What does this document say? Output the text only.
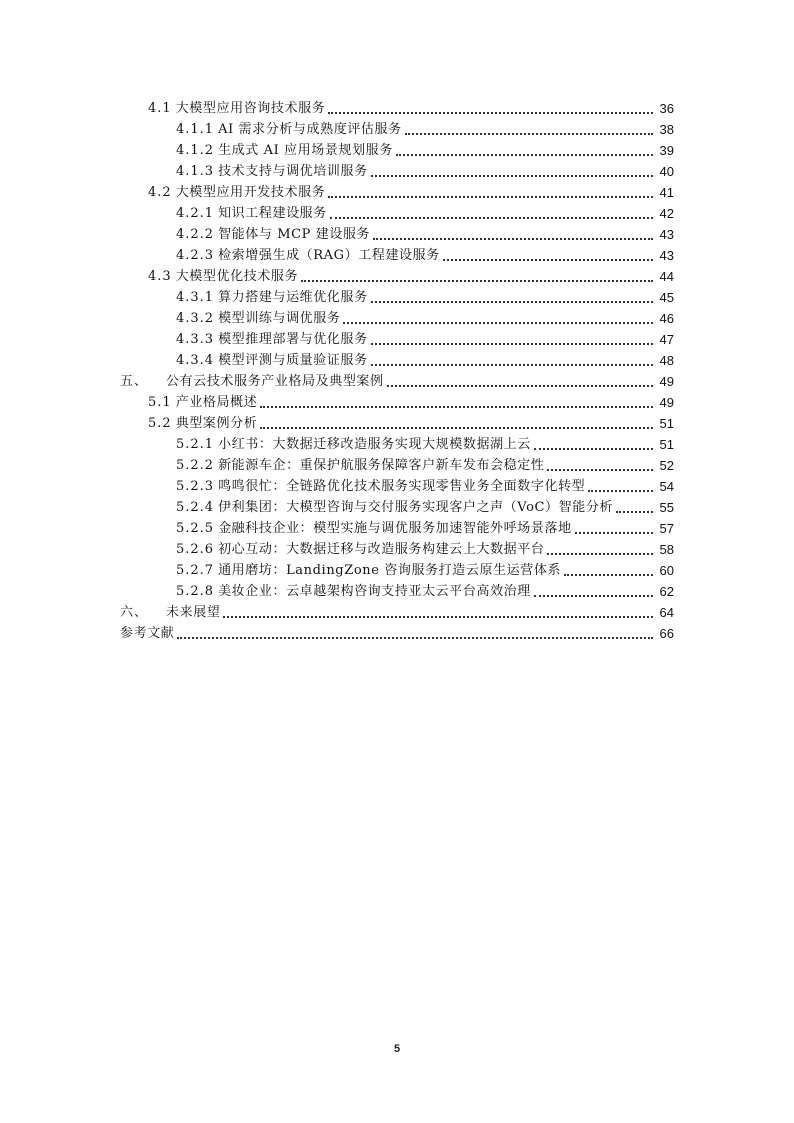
4.1 大模型应用咨询技术服务	36
4.1.1 AI 需求分析与成熟度评估服务	38
4.1.2 生成式 AI 应用场景规划服务	39
4.1.3 技术支持与调优培训服务	40
4.2 大模型应用开发技术服务	41
4.2.1 知识工程建设服务	42
4.2.2 智能体与 MCP 建设服务	43
4.2.3 检索增强生成（RAG）工程建设服务	43
4.3 大模型优化技术服务	44
4.3.1 算力搭建与运维优化服务	45
4.3.2 模型训练与调优服务	46
4.3.3 模型推理部署与优化服务	47
4.3.4 模型评测与质量验证服务	48
五、 公有云技术服务产业格局及典型案例	49
5.1 产业格局概述	49
5.2 典型案例分析	51
5.2.1 小红书：大数据迁移改造服务实现大规模数据湖上云	51
5.2.2 新能源车企：重保护航服务保障客户新车发布会稳定性	52
5.2.3 鸣鸣很忙：全链路优化技术服务实现零售业务全面数字化转型	54
5.2.4 伊利集团：大模型咨询与交付服务实现客户之声（VoC）智能分析	55
5.2.5 金融科技企业：模型实施与调优服务加速智能外呼场景落地	57
5.2.6 初心互动：大数据迁移与改造服务构建云上大数据平台	58
5.2.7 通用磨坊：LandingZone 咨询服务打造云原生运营体系	60
5.2.8 美妆企业：云卓越架构咨询支持亚太云平台高效治理	62
六、 未来展望	64
参考文献	66
5
